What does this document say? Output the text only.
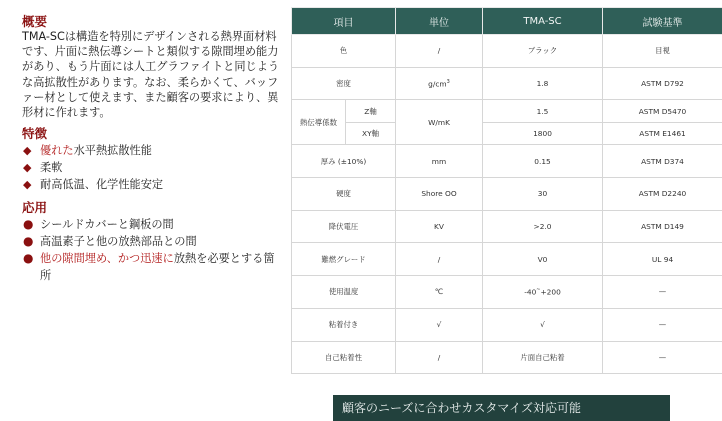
概要

TMA-SCは構造を特別にデザインされる熱界面材料です、片面に熱伝導シートと類似する隙間埋め能力があり、もう片面には人工グラファイトと同じような高拡散性があります。なお、柔らかくて、バッファー材として使えます、また顧客の要求により、異形材に作れます。

特徴
◆ 優れた水平熱拡散性能
◆ 柔軟
◆ 耐高低温、化学性能安定
応用
● シールドカバーと鋼板の間
● 高温素子と他の放熱部品との間
● 他の隙間埋め、かつ迅速に放熱を必要とする箇所
項目		単位	TMA-SC	試験基準
色		/	ブラック	目視
密度		$g/cm^3$	1.8	ASTM D792
熱伝導係数	Z軸	W/mK	1.5	ASTM D5470
	XY軸		1800	ASTM E1461
厚み (±10%)		mm	0.15	ASTM D374
硬度		Shore OO	30	ASTM D2240
降伏電圧		KV	>2.0	ASTM D149
難燃グレード		/	V0	UL 94
使用温度		℃	-40~+200	—
粘着付き		√	√	—
自己粘着性		/	片面自己粘着	—
顧客のニーズに合わせカスタマイズ対応可能
